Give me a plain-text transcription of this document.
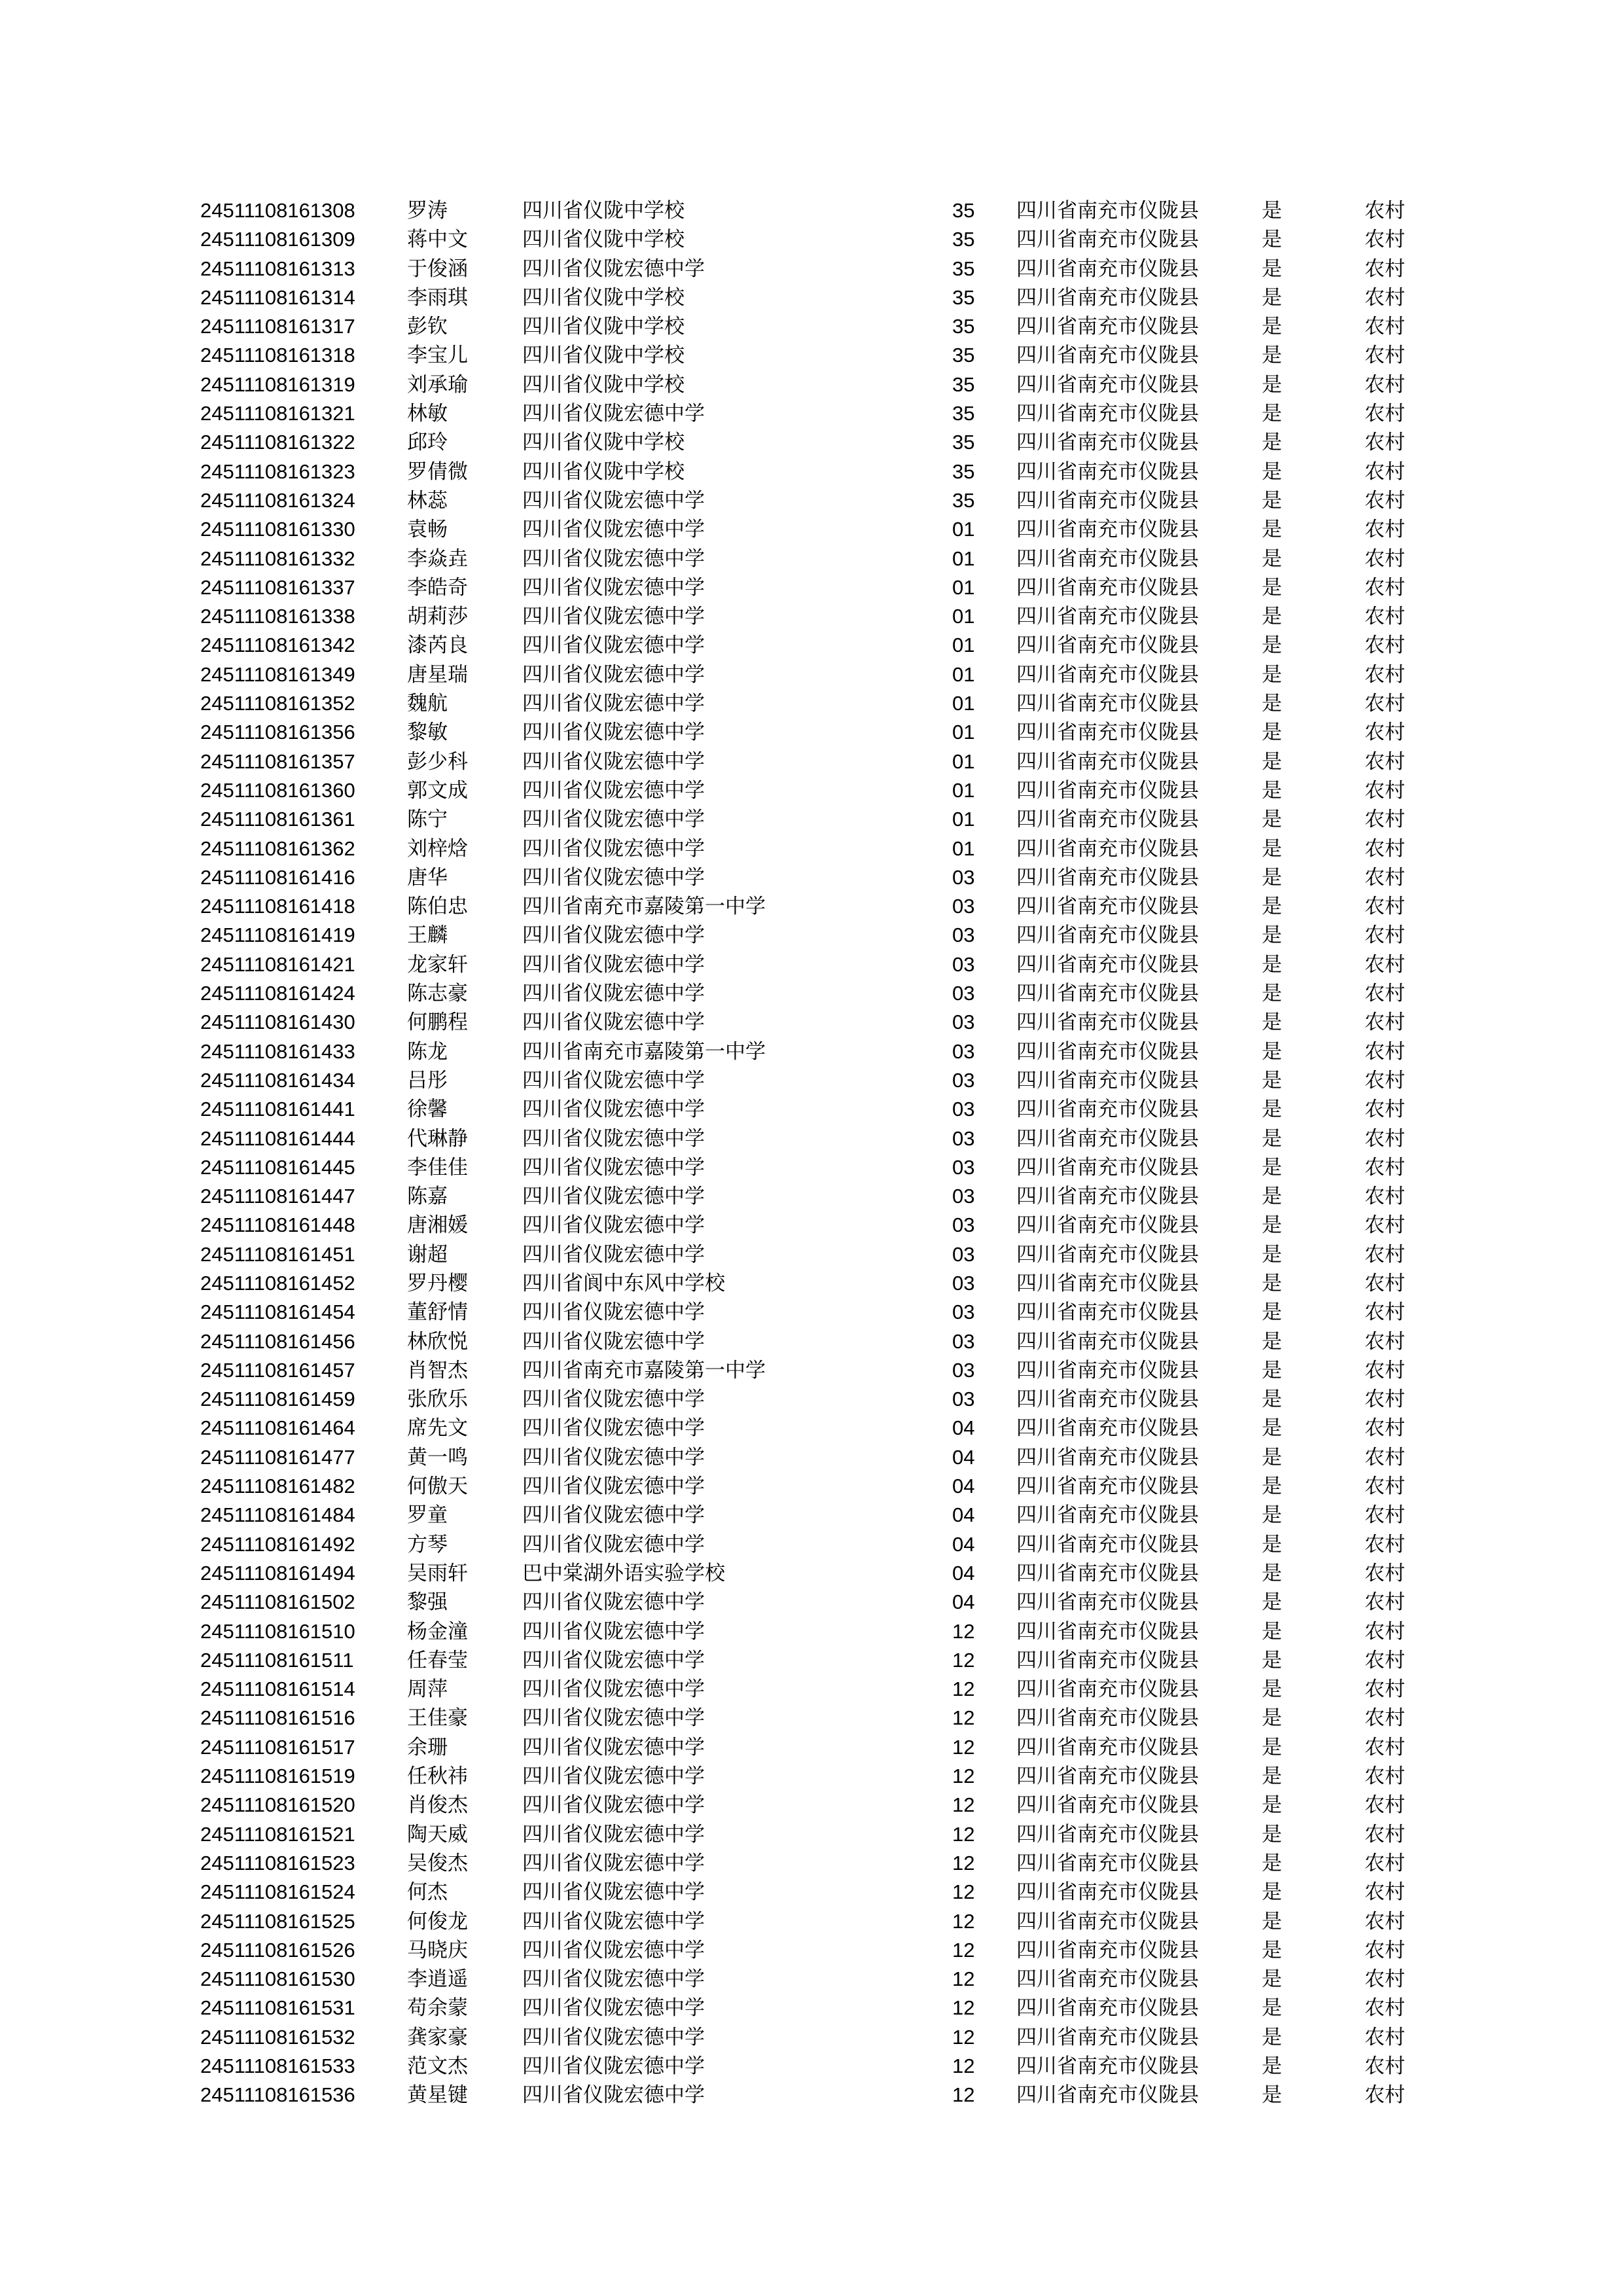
24511108161308	罗涛	四川省仪陇中学校	35 四川省南充市仪陇县	是	农村
24511108161309	蒋中文	四川省仪陇中学校	35 四川省南充市仪陇县	是	农村
24511108161313	于俊涵	四川省仪陇宏德中学	35 四川省南充市仪陇县	是	农村
24511108161314	李雨琪	四川省仪陇中学校	35 四川省南充市仪陇县	是	农村
24511108161317	彭钦	四川省仪陇中学校	35 四川省南充市仪陇县	是	农村
24511108161318	李宝儿	四川省仪陇中学校	35 四川省南充市仪陇县	是	农村
24511108161319	刘承瑜	四川省仪陇中学校	35 四川省南充市仪陇县	是	农村
24511108161321	林敏	四川省仪陇宏德中学	35 四川省南充市仪陇县	是	农村
24511108161322	邱玲	四川省仪陇中学校	35 四川省南充市仪陇县	是	农村
24511108161323	罗倩微	四川省仪陇中学校	35 四川省南充市仪陇县	是	农村
24511108161324	林蕊	四川省仪陇宏德中学	35 四川省南充市仪陇县	是	农村
24511108161330	袁畅	四川省仪陇宏德中学	01 四川省南充市仪陇县	是	农村
24511108161332	李焱垚	四川省仪陇宏德中学	01 四川省南充市仪陇县	是	农村
24511108161337	李皓奇	四川省仪陇宏德中学	01 四川省南充市仪陇县	是	农村
24511108161338	胡莉莎	四川省仪陇宏德中学	01 四川省南充市仪陇县	是	农村
24511108161342	漆芮良	四川省仪陇宏德中学	01 四川省南充市仪陇县	是	农村
24511108161349	唐星瑞	四川省仪陇宏德中学	01 四川省南充市仪陇县	是	农村
24511108161352	魏航	四川省仪陇宏德中学	01 四川省南充市仪陇县	是	农村
24511108161356	黎敏	四川省仪陇宏德中学	01 四川省南充市仪陇县	是	农村
24511108161357	彭少科	四川省仪陇宏德中学	01 四川省南充市仪陇县	是	农村
24511108161360	郭文成	四川省仪陇宏德中学	01 四川省南充市仪陇县	是	农村
24511108161361	陈宁	四川省仪陇宏德中学	01 四川省南充市仪陇县	是	农村
24511108161362	刘梓焓	四川省仪陇宏德中学	01 四川省南充市仪陇县	是	农村
24511108161416	唐华	四川省仪陇宏德中学	03 四川省南充市仪陇县	是	农村
24511108161418	陈伯忠	四川省南充市嘉陵第一中学	03 四川省南充市仪陇县	是	农村
24511108161419	王麟	四川省仪陇宏德中学	03 四川省南充市仪陇县	是	农村
24511108161421	龙家轩	四川省仪陇宏德中学	03 四川省南充市仪陇县	是	农村
24511108161424	陈志豪	四川省仪陇宏德中学	03 四川省南充市仪陇县	是	农村
24511108161430	何鹏程	四川省仪陇宏德中学	03 四川省南充市仪陇县	是	农村
24511108161433	陈龙	四川省南充市嘉陵第一中学	03 四川省南充市仪陇县	是	农村
24511108161434	吕彤	四川省仪陇宏德中学	03 四川省南充市仪陇县	是	农村
24511108161441	徐馨	四川省仪陇宏德中学	03 四川省南充市仪陇县	是	农村
24511108161444	代琳静	四川省仪陇宏德中学	03 四川省南充市仪陇县	是	农村
24511108161445	李佳佳	四川省仪陇宏德中学	03 四川省南充市仪陇县	是	农村
24511108161447	陈嘉	四川省仪陇宏德中学	03 四川省南充市仪陇县	是	农村
24511108161448	唐湘媛	四川省仪陇宏德中学	03 四川省南充市仪陇县	是	农村
24511108161451	谢超	四川省仪陇宏德中学	03 四川省南充市仪陇县	是	农村
24511108161452	罗丹樱	四川省阆中东风中学校	03 四川省南充市仪陇县	是	农村
24511108161454	董舒情	四川省仪陇宏德中学	03 四川省南充市仪陇县	是	农村
24511108161456	林欣悦	四川省仪陇宏德中学	03 四川省南充市仪陇县	是	农村
24511108161457	肖智杰	四川省南充市嘉陵第一中学	03 四川省南充市仪陇县	是	农村
24511108161459	张欣乐	四川省仪陇宏德中学	03 四川省南充市仪陇县	是	农村
24511108161464	席先文	四川省仪陇宏德中学	04 四川省南充市仪陇县	是	农村
24511108161477	黄一鸣	四川省仪陇宏德中学	04 四川省南充市仪陇县	是	农村
24511108161482	何傲天	四川省仪陇宏德中学	04 四川省南充市仪陇县	是	农村
24511108161484	罗童	四川省仪陇宏德中学	04 四川省南充市仪陇县	是	农村
24511108161492	方琴	四川省仪陇宏德中学	04 四川省南充市仪陇县	是	农村
24511108161494	吴雨轩	巴中棠湖外语实验学校	04 四川省南充市仪陇县	是	农村
24511108161502	黎强	四川省仪陇宏德中学	04 四川省南充市仪陇县	是	农村
24511108161510	杨金潼	四川省仪陇宏德中学	12 四川省南充市仪陇县	是	农村
24511108161511	任春莹	四川省仪陇宏德中学	12 四川省南充市仪陇县	是	农村
24511108161514	周萍	四川省仪陇宏德中学	12 四川省南充市仪陇县	是	农村
24511108161516	王佳豪	四川省仪陇宏德中学	12 四川省南充市仪陇县	是	农村
24511108161517	余珊	四川省仪陇宏德中学	12 四川省南充市仪陇县	是	农村
24511108161519	任秋祎	四川省仪陇宏德中学	12 四川省南充市仪陇县	是	农村
24511108161520	肖俊杰	四川省仪陇宏德中学	12 四川省南充市仪陇县	是	农村
24511108161521	陶天威	四川省仪陇宏德中学	12 四川省南充市仪陇县	是	农村
24511108161523	吴俊杰	四川省仪陇宏德中学	12 四川省南充市仪陇县	是	农村
24511108161524	何杰	四川省仪陇宏德中学	12 四川省南充市仪陇县	是	农村
24511108161525	何俊龙	四川省仪陇宏德中学	12 四川省南充市仪陇县	是	农村
24511108161526	马晓庆	四川省仪陇宏德中学	12 四川省南充市仪陇县	是	农村
24511108161530	李逍遥	四川省仪陇宏德中学	12 四川省南充市仪陇县	是	农村
24511108161531	苟余蒙	四川省仪陇宏德中学	12 四川省南充市仪陇县	是	农村
24511108161532	龚家豪	四川省仪陇宏德中学	12 四川省南充市仪陇县	是	农村
24511108161533	范文杰	四川省仪陇宏德中学	12 四川省南充市仪陇县	是	农村
24511108161536	黄星键	四川省仪陇宏德中学	12 四川省南充市仪陇县	是	农村
